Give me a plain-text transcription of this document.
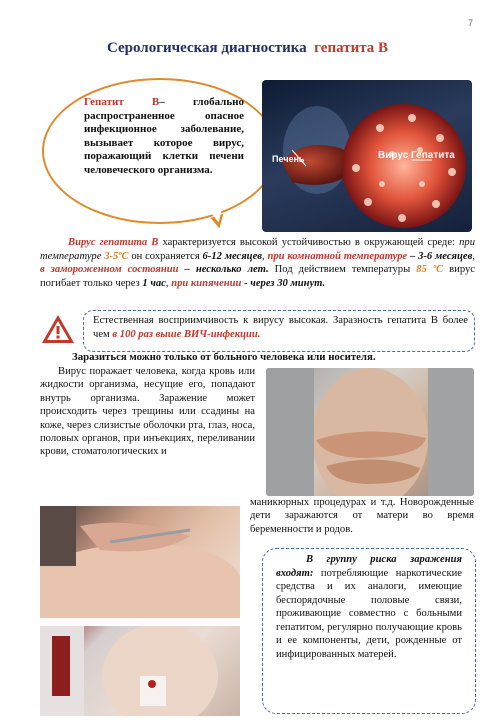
7
Серологическая диагностика гепатита В
Гепатит В– глобально распространенное опасное инфекционное заболевание, вызывает которое вирус, поражающий клетки печени человеческого организма.
Печень	Вирус Гепатита
Вирус гепатита В характеризуется высокой устойчивостью в окружающей среде: при температуре 3-5ºС он сохраняется 6-12 месяцев, при комнатной температуре – 3-6 месяцев, в замороженном состоянии – несколько лет. Под действием температуры 85 ºС вирус погибает только через 1 час, при кипячении - через 30 минут.
Естественная восприимчивость к вирусу высокая. Заразность гепатита В более чем в 100 раз выше ВИЧ-инфекции.
Заразиться можно только от больного человека или носителя.

Вирус поражает человека, когда кровь или жидкости организма, несущие его, попадают внутрь организма. Заражение может происходить через трещины или ссадины на коже, через слизистые оболочки рта, глаз, носа, половых органов, при инъекциях, переливании крови, стоматологических и

маникюрных процедурах и т.д. Новорожденные дети заражаются от матери во время беременности и родов.
В группу риска заражения входят: потребляющие наркотические средства и их аналоги, имеющие беспорядочные половые связи, проживающие совместно с больными гепатитом, регулярно получающие кровь и ее компоненты, дети, рожденные от инфицированных матерей.
